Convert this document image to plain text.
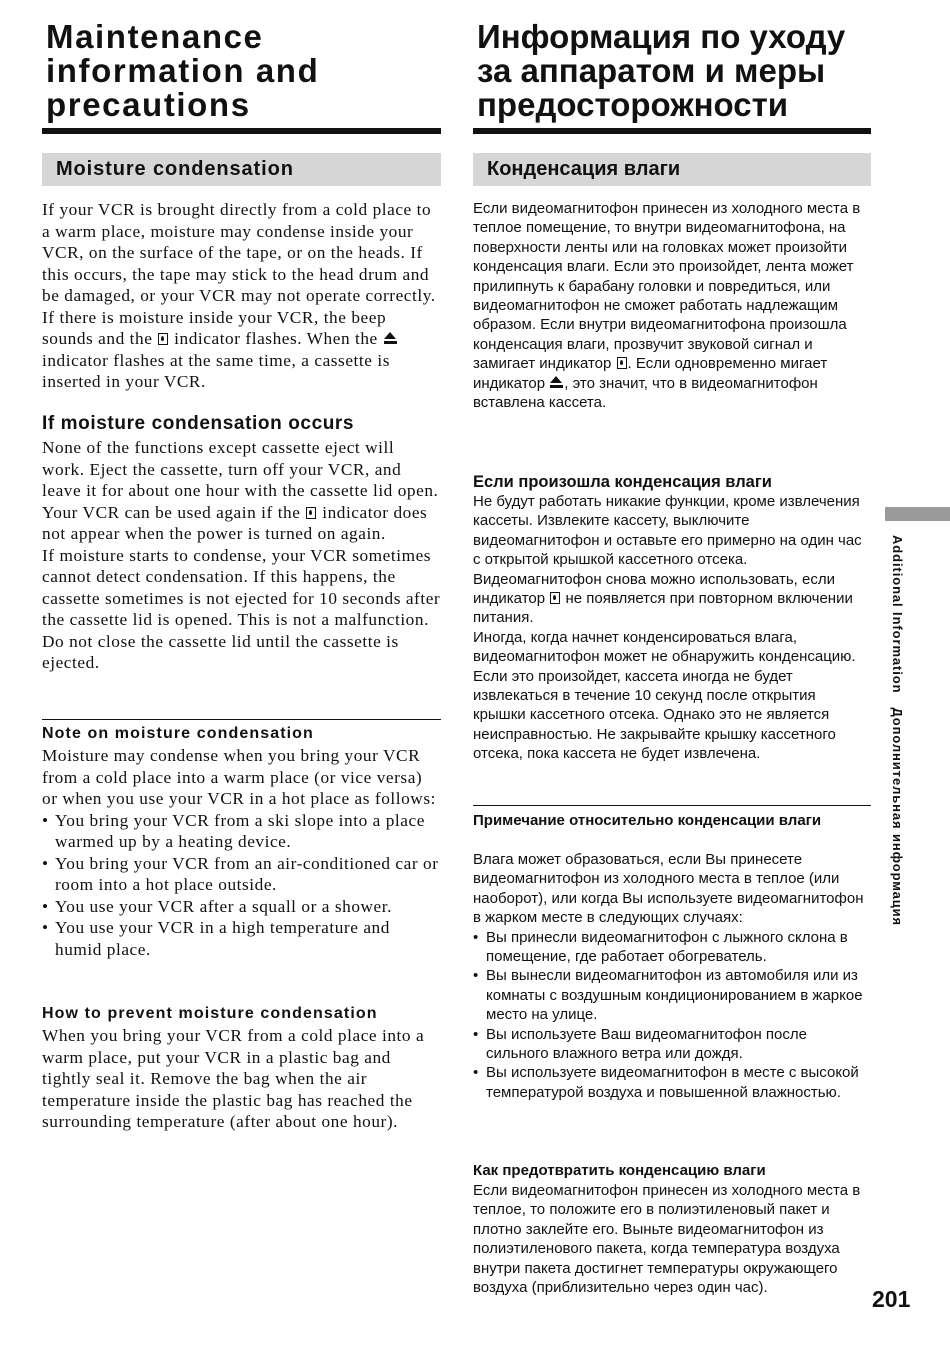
Maintenance
information and
precautions
Moisture condensation
If your VCR is brought directly from a cold place to a warm place, moisture may condense inside your VCR, on the surface of the tape, or on the heads. If this occurs, the tape may stick to the head drum and be damaged, or your VCR may not operate correctly. If there is moisture inside your VCR, the beep sounds and the indicator flashes. When the  indicator flashes at the same time, a cassette is inserted in your VCR.
If moisture condensation occurs

None of the functions except cassette eject will work. Eject the cassette, turn off your VCR, and leave it for about one hour with the cassette lid open. Your VCR can be used again if the indicator does not appear when the power is turned on again.

If moisture starts to condense, your VCR sometimes cannot detect condensation. If this happens, the cassette sometimes is not ejected for 10 seconds after the cassette lid is opened. This is not a malfunction. Do not close the cassette lid until the cassette is ejected.

Note on moisture condensation

Moisture may condense when you bring your VCR from a cold place into a warm place (or vice versa) or when you use your VCR in a hot place as follows:

• You bring your VCR from a ski slope into a place warmed up by a heating device.
• You bring your VCR from an air-conditioned car or room into a hot place outside.
• You use your VCR after a squall or a shower.
• You use your VCR in a high temperature and humid place.
How to prevent moisture condensation
When you bring your VCR from a cold place into a warm place, put your VCR in a plastic bag and tightly seal it. Remove the bag when the air temperature inside the plastic bag has reached the surrounding temperature (after about one hour).
Информация по уходу
за аппаратом и меры
предосторожности
Конденсация влаги
Если видеомагнитофон принесен из холодного места в теплое помещение, то внутри видеомагнитофона, на поверхности ленты или на головках может произойти конденсация влаги. Если это произойдет, лента может прилипнуть к барабану головки и повредиться, или видеомагнитофон не сможет работать надлежащим образом. Если внутри видеомагнитофона произошла конденсация влаги, прозвучит звуковой сигнал и замигает индикатор . Если одновременно мигает индикатор , это значит, что в видеомагнитофон вставлена кассета.
Если произошла конденсация влаги

Не будут работать никакие функции, кроме извлечения кассеты. Извлеките кассету, выключите видеомагнитофон и оставьте его примерно на один час с открытой крышкой кассетного отсека. Видеомагнитофон снова можно использовать, если индикатор не появляется при повторном включении питания.

Иногда, когда начнет конденсироваться влага, видеомагнитофон может не обнаружить конденсацию. Если это произойдет, кассета иногда не будет извлекаться в течение 10 секунд после открытия крышки кассетного отсека. Однако это не является неисправностью. Не закрывайте крышку кассетного отсека, пока кассета не будет извлечена.

Примечание относительно конденсации влаги

Влага может образоваться, если Вы принесете видеомагнитофон из холодного места в теплое (или наоборот), или когда Вы используете видеомагнитофон в жарком месте в следующих случаях:

• Вы принесли видеомагнитофон с лыжного склона в помещение, где работает обогреватель.
• Вы вынесли видеомагнитофон из автомобиля или из комнаты с воздушным кондиционированием в жаркое место на улице.
• Вы используете Ваш видеомагнитофон после сильного влажного ветра или дождя.
• Вы используете видеомагнитофон в месте с высокой температурой воздуха и повышенной влажностью.
Как предотвратить конденсацию влаги
Если видеомагнитофон принесен из холодного места в теплое, то положите его в полиэтиленовый пакет и плотно заклейте его. Выньте видеомагнитофон из полиэтиленового пакета, когда температура воздуха внутри пакета достигнет температуры окружающего воздуха (приблизительно через один час).
Additional InformationДополнительная информация
201
